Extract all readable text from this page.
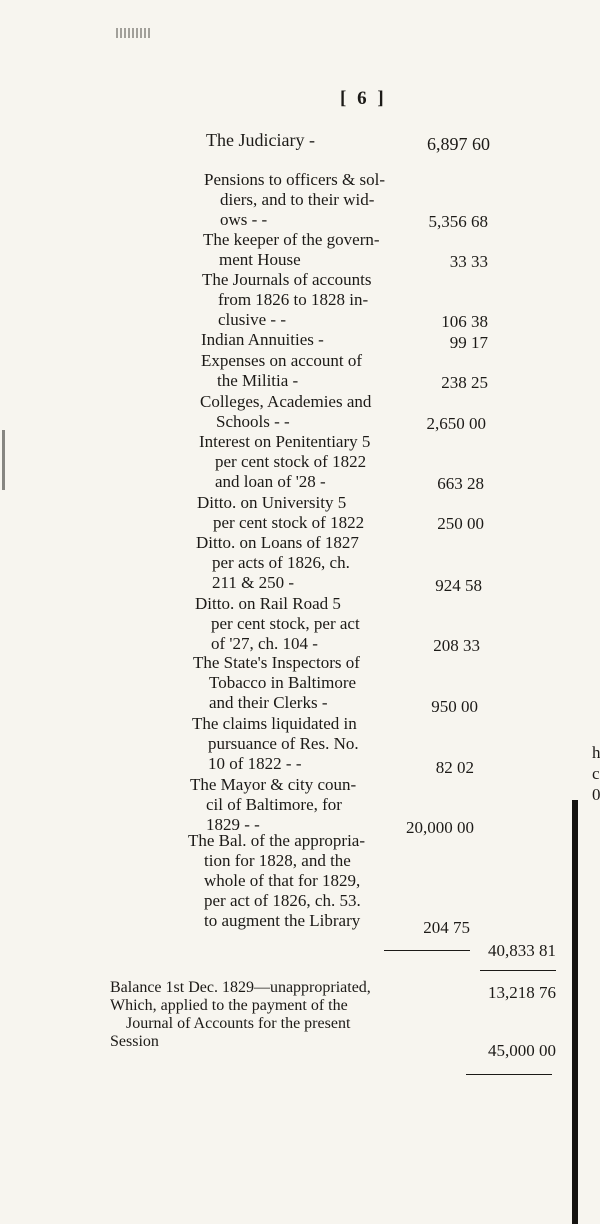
h
c
0
[ 6 ]
The Judiciary -	6,897 60
Pensions to officers & sol-
diers, and to their wid-
ows - -	5,356 68
The keeper of the govern-
ment House	33 33
The Journals of accounts
from 1826 to 1828 in-
clusive - -	106 38
Indian Annuities -	99 17
Expenses on account of
the Militia -	238 25
Colleges, Academies and
Schools - -	2,650 00
Interest on Penitentiary 5
per cent stock of 1822
and loan of '28 -	663 28
Ditto. on University 5
per cent stock of 1822	250 00
Ditto. on Loans of 1827
per acts of 1826, ch.
211 & 250 -	924 58
Ditto. on Rail Road 5
per cent stock, per act
of '27, ch. 104 -	208 33
The State's Inspectors of
Tobacco in Baltimore
and their Clerks -	950 00
The claims liquidated in
pursuance of Res. No.
10 of 1822 - -	82 02
The Mayor & city coun-
cil of Baltimore, for
1829 - -	20,000 00
The Bal. of the appropria-
tion for 1828, and the
whole of that for 1829,
per act of 1826, ch. 53.
to augment the Library	204 75
40,833 81
Balance 1st Dec. 1829—unappropriated,
Which, applied to the payment of the
Journal of Accounts for the present
Session
13,218 76
45,000 00
